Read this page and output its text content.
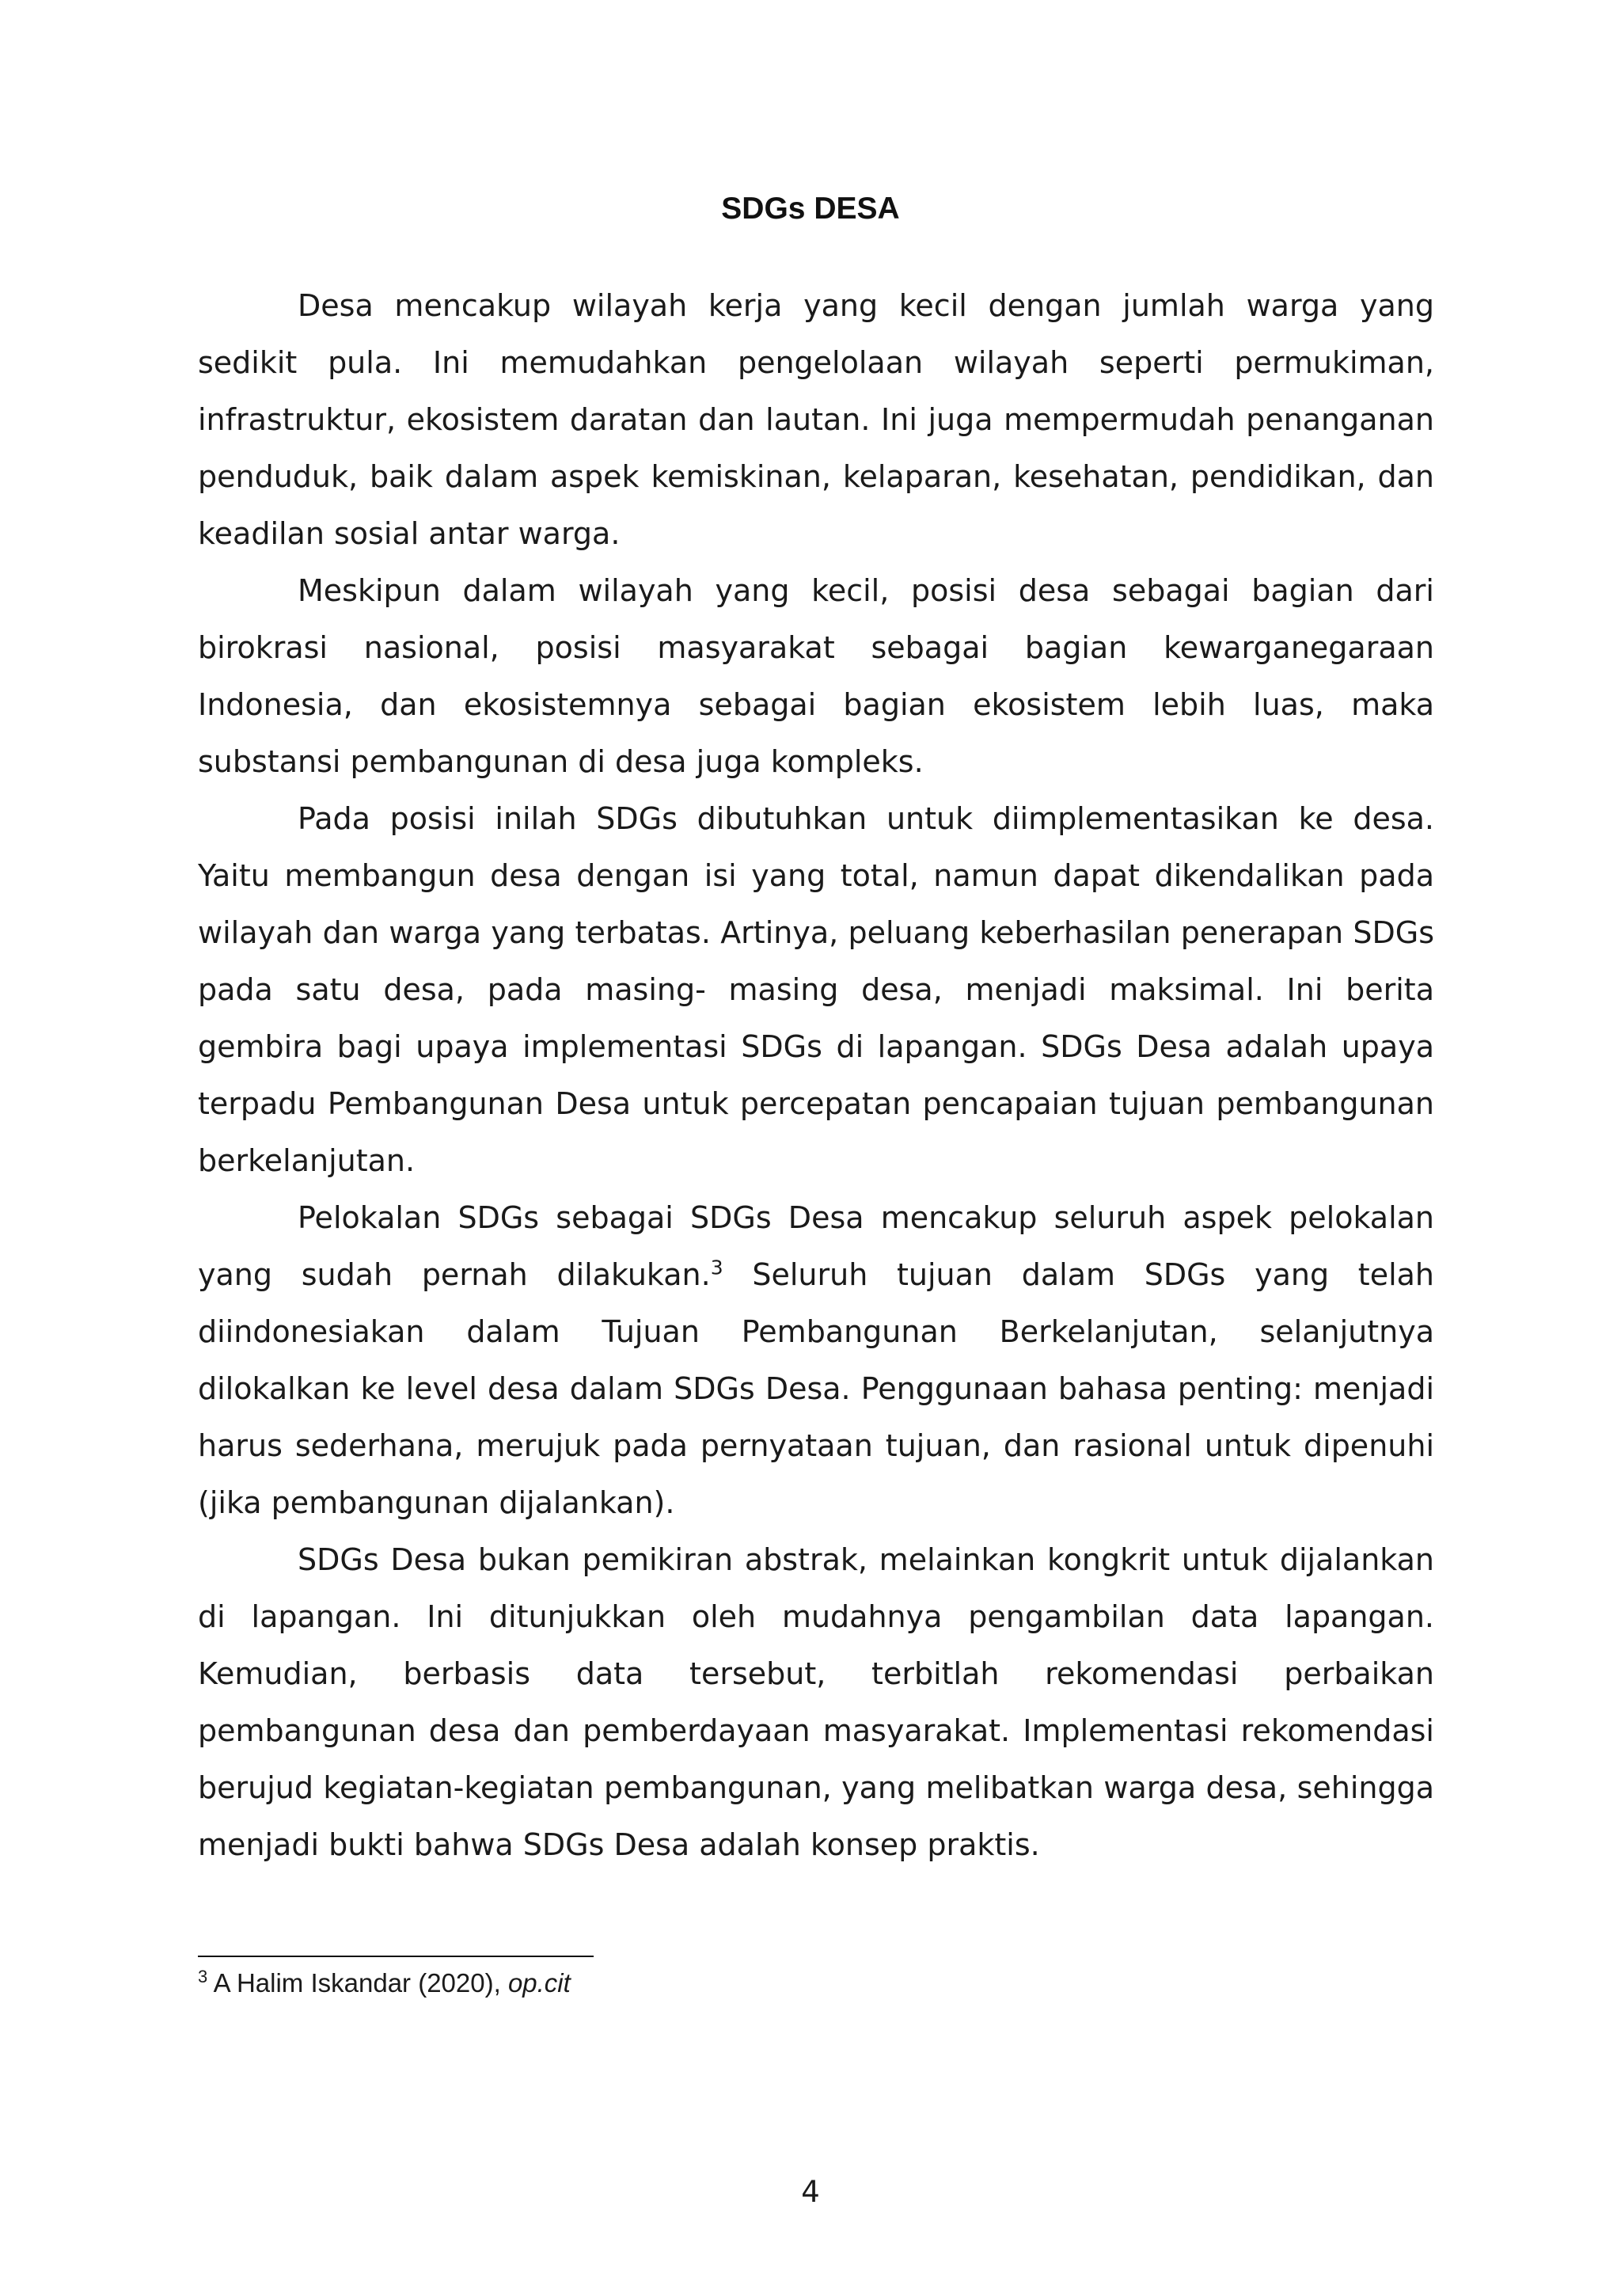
SDGs DESA

Desa mencakup wilayah kerja yang kecil dengan jumlah warga yang sedikit pula. Ini memudahkan pengelolaan wilayah seperti permukiman, infrastruktur, ekosistem daratan dan lautan. Ini juga mempermudah penanganan penduduk, baik dalam aspek kemiskinan, kelaparan, kesehatan, pendidikan, dan keadilan sosial antar warga.

Meskipun dalam wilayah yang kecil, posisi desa sebagai bagian dari birokrasi nasional, posisi masyarakat sebagai bagian kewarganegaraan Indonesia, dan ekosistemnya sebagai bagian ekosistem lebih luas, maka substansi pembangunan di desa juga kompleks.

Pada posisi inilah SDGs dibutuhkan untuk diimplementasikan ke desa. Yaitu membangun desa dengan isi yang total, namun dapat dikendalikan pada wilayah dan warga yang terbatas. Artinya, peluang keberhasilan penerapan SDGs pada satu desa, pada masing- masing desa, menjadi maksimal. Ini berita gembira bagi upaya implementasi SDGs di lapangan. SDGs Desa adalah upaya terpadu Pembangunan Desa untuk percepatan pencapaian tujuan pembangunan berkelanjutan.

Pelokalan SDGs sebagai SDGs Desa mencakup seluruh aspek pelokalan yang sudah pernah dilakukan.$^3$ Seluruh tujuan dalam SDGs yang telah diindonesiakan dalam Tujuan Pembangunan Berkelanjutan, selanjutnya dilokalkan ke level desa dalam SDGs Desa. Penggunaan bahasa penting: menjadi harus sederhana, merujuk pada pernyataan tujuan, dan rasional untuk dipenuhi (jika pembangunan dijalankan).

SDGs Desa bukan pemikiran abstrak, melainkan kongkrit untuk dijalankan di lapangan. Ini ditunjukkan oleh mudahnya pengambilan data lapangan. Kemudian, berbasis data tersebut, terbitlah rekomendasi perbaikan pembangunan desa dan pemberdayaan masyarakat. Implementasi rekomendasi berujud kegiatan-kegiatan pembangunan, yang melibatkan warga desa, sehingga menjadi bukti bahwa SDGs Desa adalah konsep praktis.

$^3$ A Halim Iskandar (2020), op.cit
4
